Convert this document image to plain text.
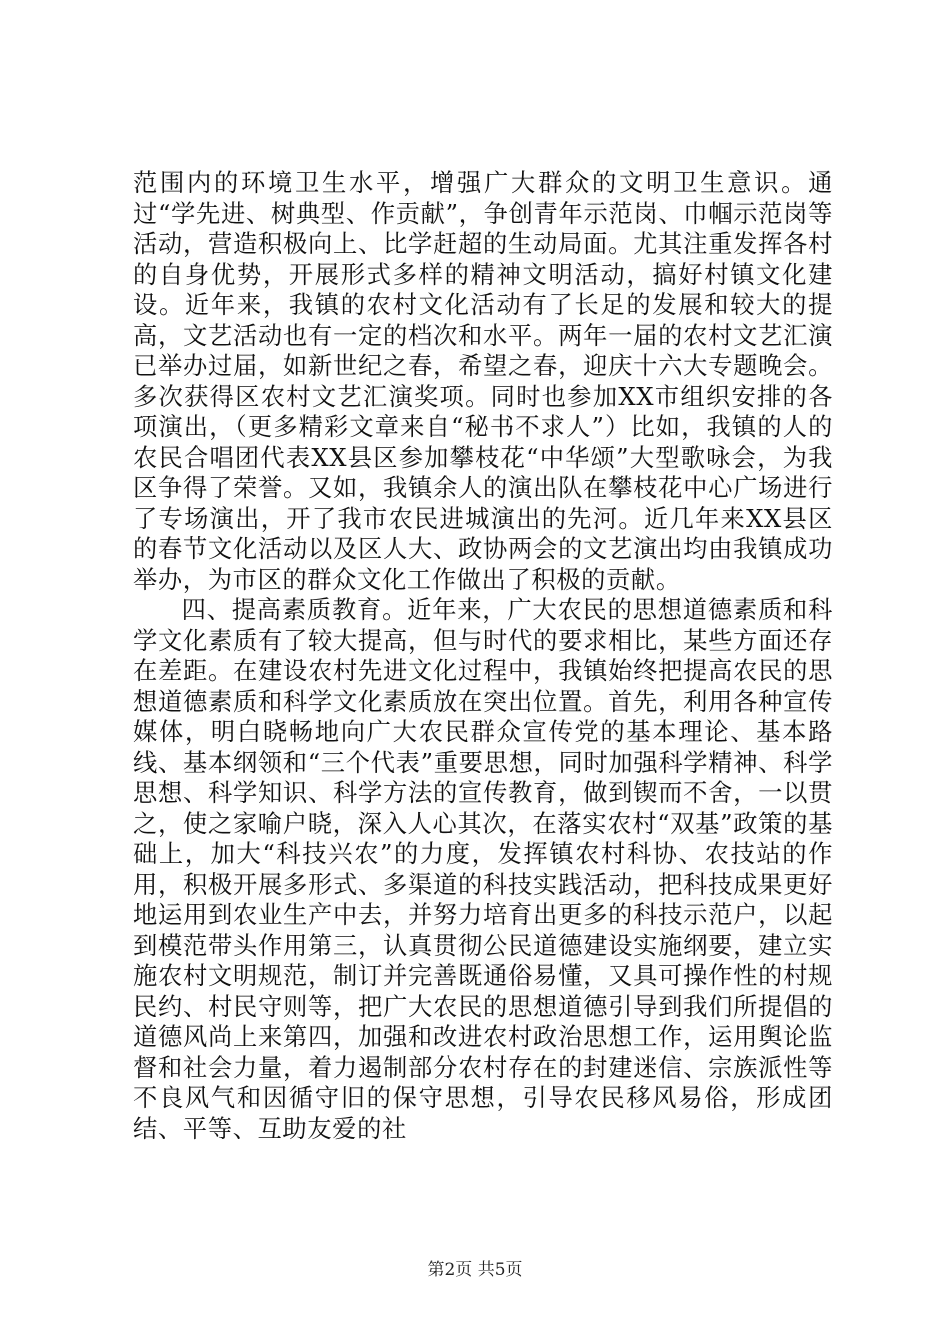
范围内的环境卫生水平，增强广大群众的文明卫生意识。通过“学先进、树典型、作贡献”，争创青年示范岗、巾帼示范岗等活动，营造积极向上、比学赶超的生动局面。尤其注重发挥各村的自身优势，开展形式多样的精神文明活动，搞好村镇文化建设。近年来，我镇的农村文化活动有了长足的发展和较大的提高，文艺活动也有一定的档次和水平。两年一届的农村文艺汇演已举办过届，如新世纪之春，希望之春，迎庆十六大专题晚会。多次获得区农村文艺汇演奖项。同时也参加XX市组织安排的各项演出，（更多精彩文章来自“秘书不求人”）比如，我镇的人的农民合唱团代表XX县区参加攀枝花“中华颂”大型歌咏会，为我区争得了荣誉。又如，我镇余人的演出队在攀枝花中心广场进行了专场演出，开了我市农民进城演出的先河。近几年来XX县区的春节文化活动以及区人大、政协两会的文艺演出均由我镇成功举办，为市区的群众文化工作做出了积极的贡献。

四、提高素质教育。近年来，广大农民的思想道德素质和科学文化素质有了较大提高，但与时代的要求相比，某些方面还存在差距。在建设农村先进文化过程中，我镇始终把提高农民的思想道德素质和科学文化素质放在突出位置。首先，利用各种宣传媒体，明白晓畅地向广大农民群众宣传党的基本理论、基本路线、基本纲领和“三个代表”重要思想，同时加强科学精神、科学思想、科学知识、科学方法的宣传教育，做到锲而不舍，一以贯之，使之家喻户晓，深入人心其次，在落实农村“双基”政策的基础上，加大“科技兴农”的力度，发挥镇农村科协、农技站的作用，积极开展多形式、多渠道的科技实践活动，把科技成果更好地运用到农业生产中去，并努力培育出更多的科技示范户，以起到模范带头作用第三，认真贯彻公民道德建设实施纲要，建立实施农村文明规范，制订并完善既通俗易懂，又具可操作性的村规民约、村民守则等，把广大农民的思想道德引导到我们所提倡的道德风尚上来第四，加强和改进农村政治思想工作，运用舆论监督和社会力量，着力遏制部分农村存在的封建迷信、宗族派性等不良风气和因循守旧的保守思想，引导农民移风易俗，形成团结、平等、互助友爱的社

第2页 共5页
